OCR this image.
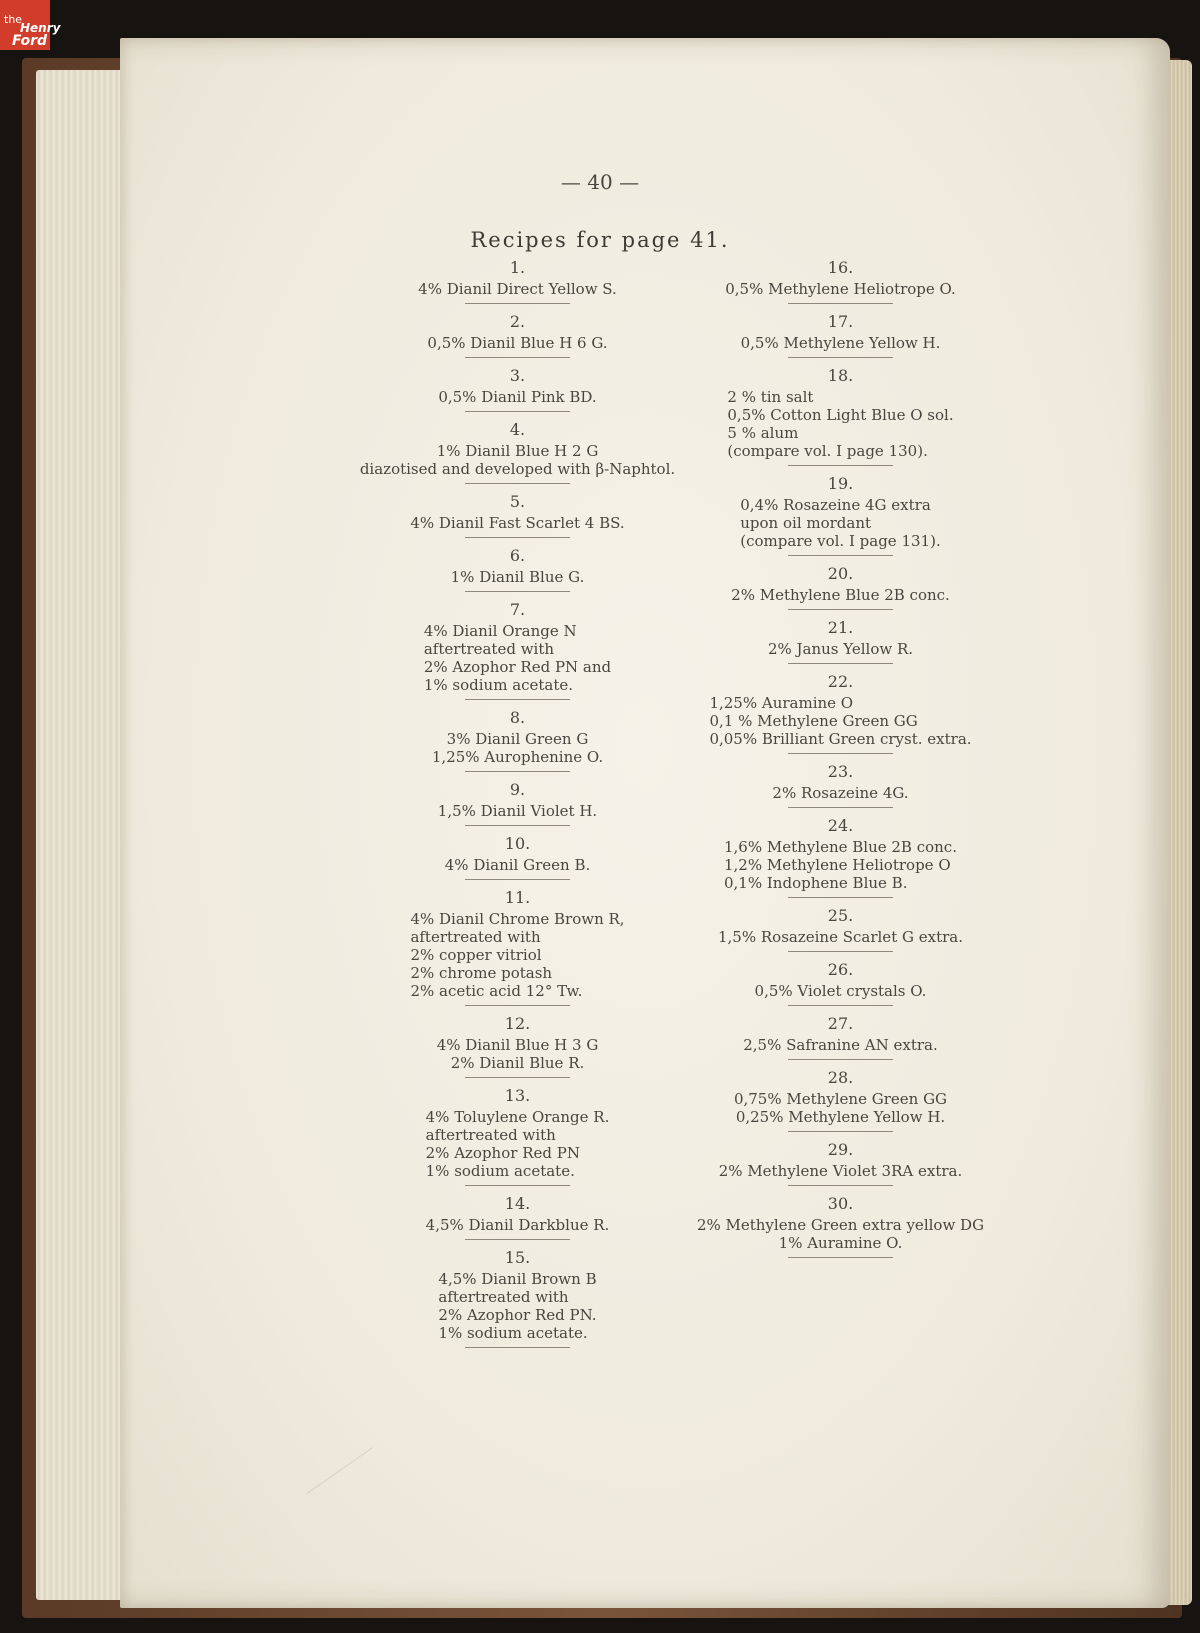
the
Henry
Ford
— 40 —
Recipes for page 41.
1.
4% Dianil Direct Yellow S.
2.
0,5% Dianil Blue H 6 G.
3.
0,5% Dianil Pink BD.
4.
1% Dianil Blue H 2 G
diazotised and developed with β-Naphtol.
5.
4% Dianil Fast Scarlet 4 BS.
6.
1% Dianil Blue G.
7.
4% Dianil Orange N
aftertreated with
2% Azophor Red PN and
1% sodium acetate.
8.
3% Dianil Green G
1,25% Aurophenine O.
9.
1,5% Dianil Violet H.
10.
4% Dianil Green B.
11.
4% Dianil Chrome Brown R,
aftertreated with
2% copper vitriol
2% chrome potash
2% acetic acid 12° Tw.
12.
4% Dianil Blue H 3 G
2% Dianil Blue R.
13.
4% Toluylene Orange R.
aftertreated with
2% Azophor Red PN
1% sodium acetate.
14.
4,5% Dianil Darkblue R.
15.
4,5% Dianil Brown B
aftertreated with
2% Azophor Red PN.
1% sodium acetate.
16.
0,5% Methylene Heliotrope O.
17.
0,5% Methylene Yellow H.
18.
2 % tin salt
0,5% Cotton Light Blue O sol.
5 % alum
(compare vol. I page 130).
19.
0,4% Rosazeine 4G extra
upon oil mordant
(compare vol. I page 131).
20.
2% Methylene Blue 2B conc.
21.
2% Janus Yellow R.
22.
1,25% Auramine O
0,1 % Methylene Green GG
0,05% Brilliant Green cryst. extra.
23.
2% Rosazeine 4G.
24.
1,6% Methylene Blue 2B conc.
1,2% Methylene Heliotrope O
0,1% Indophene Blue B.
25.
1,5% Rosazeine Scarlet G extra.
26.
0,5% Violet crystals O.
27.
2,5% Safranine AN extra.
28.
0,75% Methylene Green GG
0,25% Methylene Yellow H.
29.
2% Methylene Violet 3RA extra.
30.
2% Methylene Green extra yellow DG
1% Auramine O.
